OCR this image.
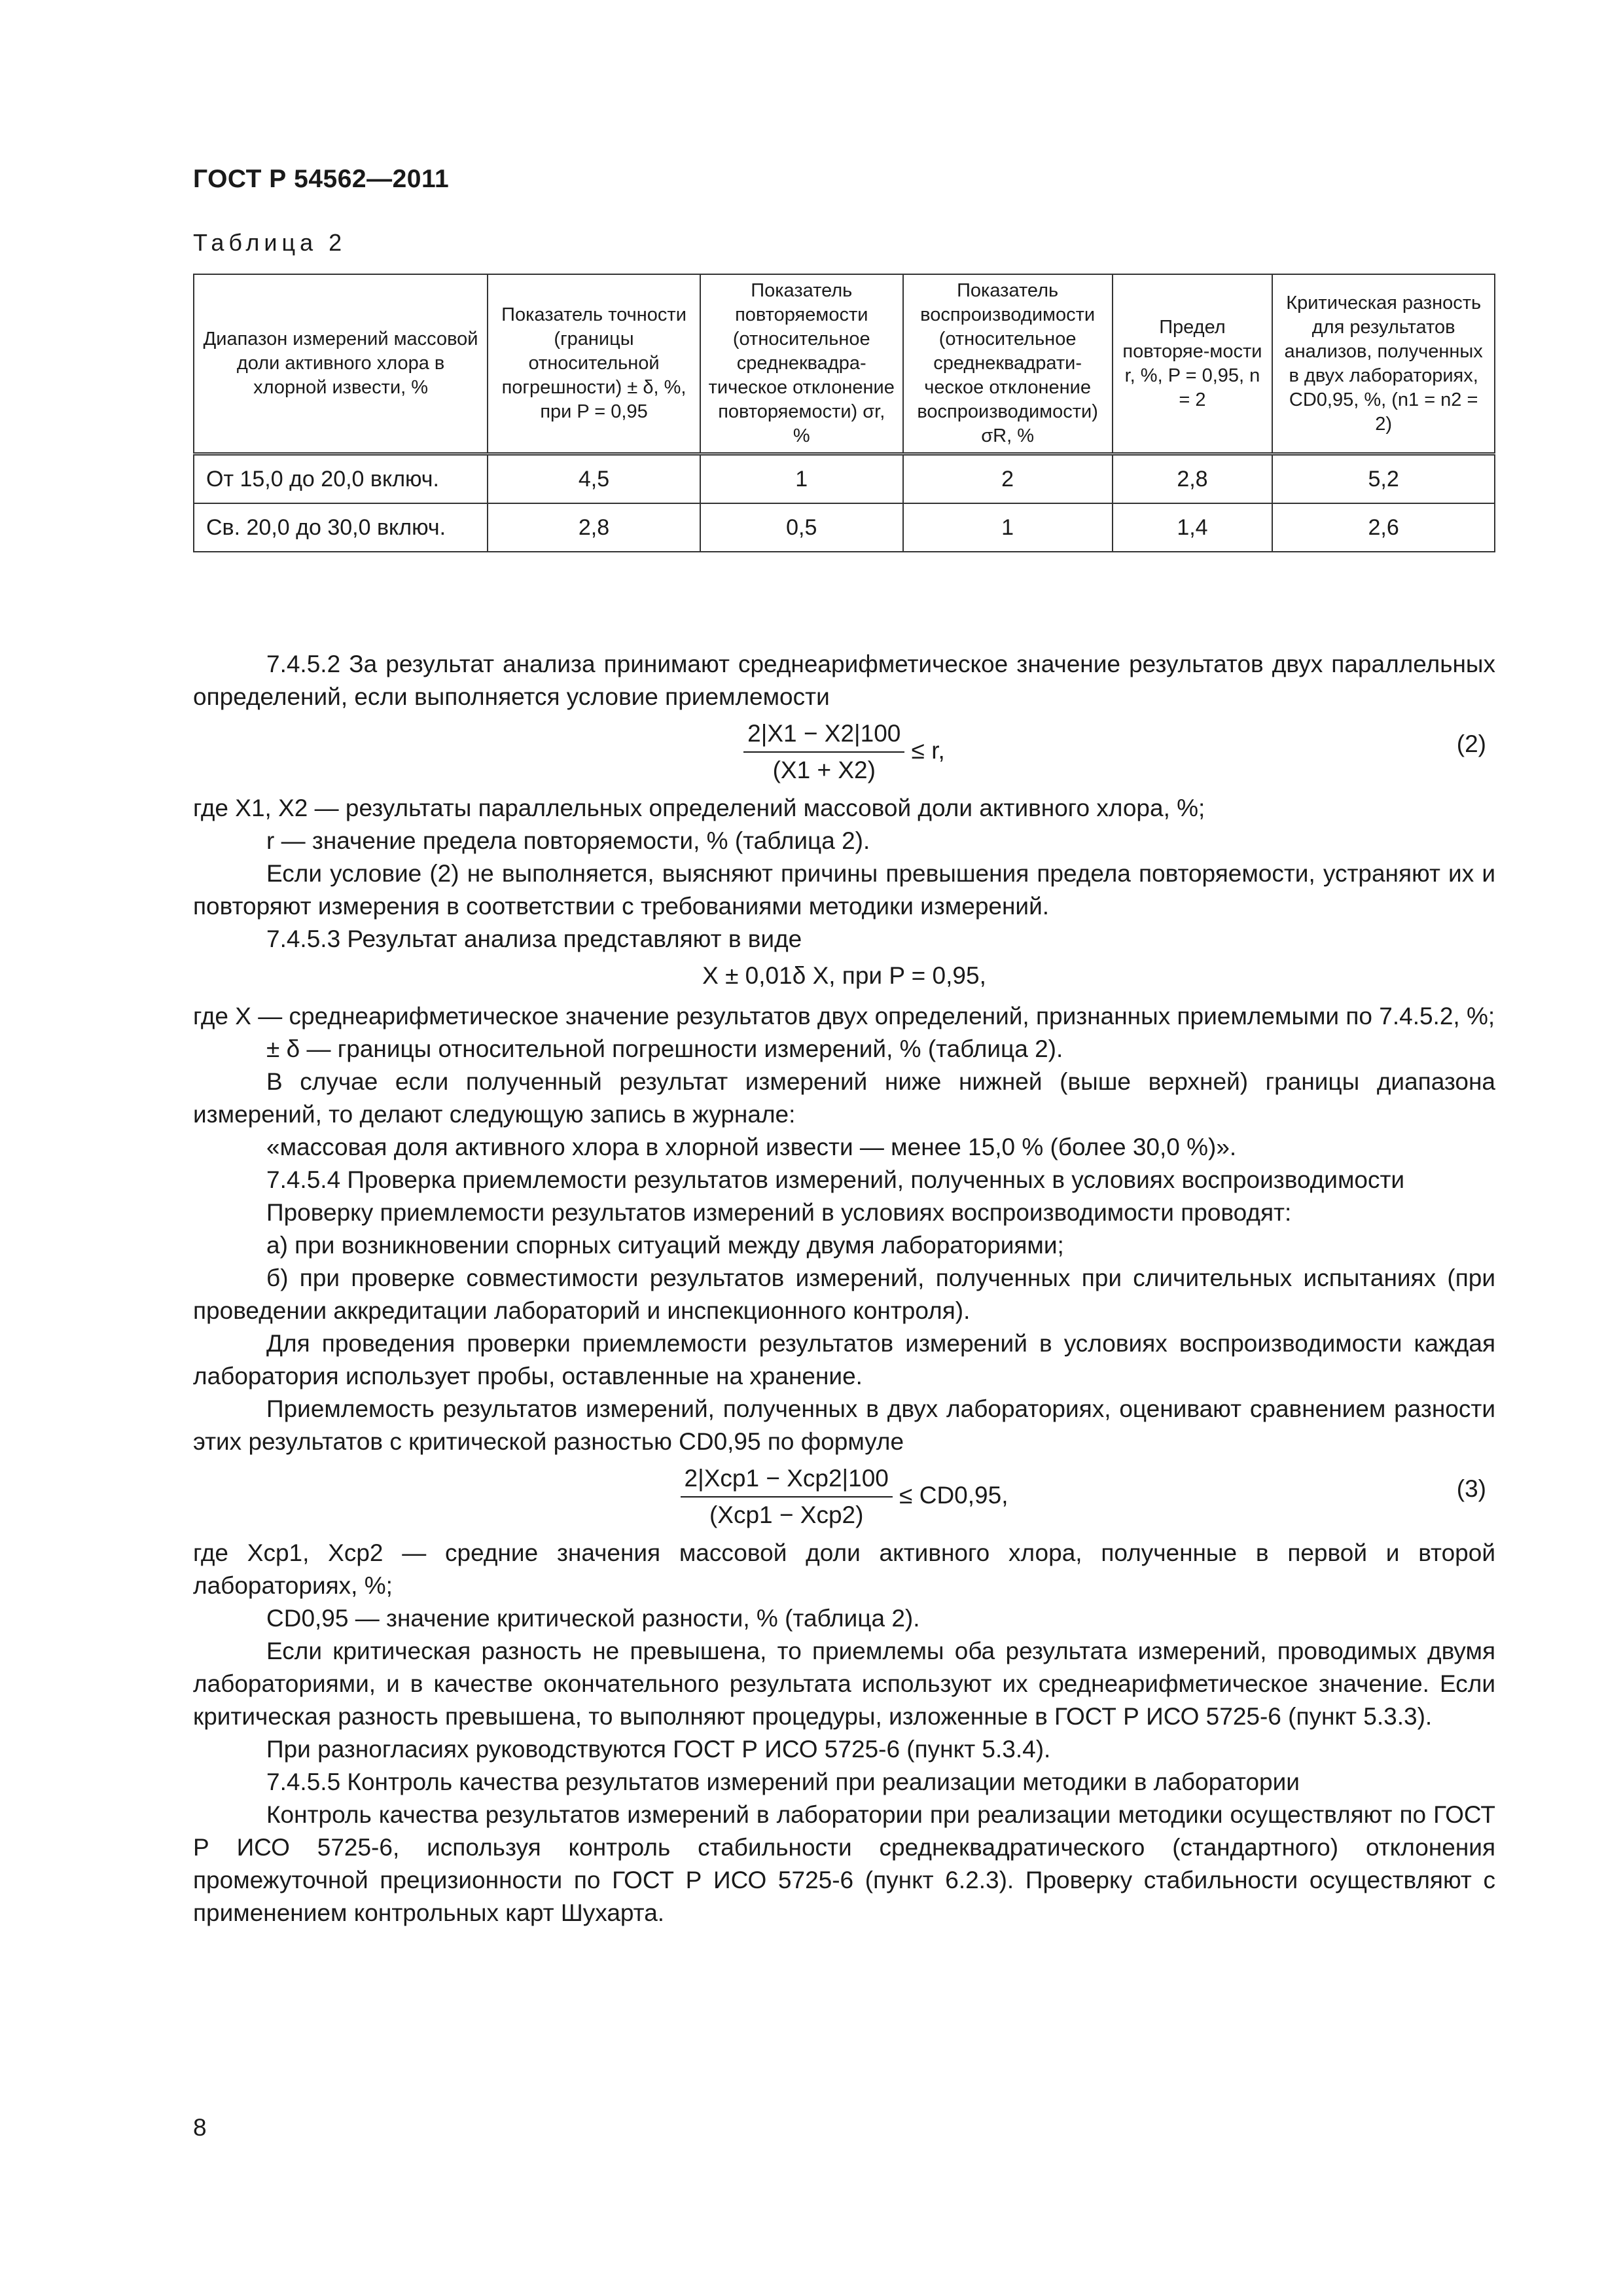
ГОСТ Р 54562—2011
Таблица 2
Диапазон измерений массовой доли активного хлора в хлорной извести, %	Показатель точности (границы относительной погрешности) ± δ, %, при P = 0,95	Показатель повторяемости (относительное среднеквадра-тическое отклонение повторяемости) σr, %	Показатель воспроизводимости (относительное среднеквадрати-ческое отклонение воспроизводимости) σR, %	Предел повторяе-мости r, %, P = 0,95, n = 2	Критическая разность для результатов анализов, полученных в двух лабораториях, CD0,95, %, (n1 = n2 = 2)
От 15,0 до 20,0 включ.	4,5	1	2	2,8	5,2
Св. 20,0 до 30,0 включ.	2,8	0,5	1	1,4	2,6

7.4.5.2 За результат анализа принимают среднеарифметическое значение результатов двух параллельных определений, если выполняется условие приемлемости

$\frac{2|X1 - X2|100}{(X1 + X2)} \le r$,	(2)

где X1, X2 — результаты параллельных определений массовой доли активного хлора, %;

r — значение предела повторяемости, % (таблица 2).

Если условие (2) не выполняется, выясняют причины превышения предела повторяемости, устраняют их и повторяют измерения в соответствии с требованиями методики измерений.

7.4.5.3 Результат анализа представляют в виде

X ± 0,01δ X, при P = 0,95,

где X — среднеарифметическое значение результатов двух определений, признанных приемлемыми по 7.4.5.2, %;

± δ — границы относительной погрешности измерений, % (таблица 2).

В случае если полученный результат измерений ниже нижней (выше верхней) границы диапазона измерений, то делают следующую запись в журнале:

«массовая доля активного хлора в хлорной извести — менее 15,0 % (более 30,0 %)».

7.4.5.4 Проверка приемлемости результатов измерений, полученных в условиях воспроизводимости

Проверку приемлемости результатов измерений в условиях воспроизводимости проводят:

а) при возникновении спорных ситуаций между двумя лабораториями;

б) при проверке совместимости результатов измерений, полученных при сличительных испытаниях (при проведении аккредитации лабораторий и инспекционного контроля).

Для проведения проверки приемлемости результатов измерений в условиях воспроизводимости каждая лаборатория использует пробы, оставленные на хранение.

Приемлемость результатов измерений, полученных в двух лабораториях, оценивают сравнением разности этих результатов с критической разностью CD0,95 по формуле

$\frac{\text{2|Xср1 − Xср2|100}}{\text{(Xср1 − Xср2)}} \le CD0,95$,	(3)

где Xср1, Xср2 — средние значения массовой доли активного хлора, полученные в первой и второй лабораториях, %;

CD0,95 — значение критической разности, % (таблица 2).

Если критическая разность не превышена, то приемлемы оба результата измерений, проводимых двумя лабораториями, и в качестве окончательного результата используют их среднеарифметическое значение. Если критическая разность превышена, то выполняют процедуры, изложенные в ГОСТ Р ИСО 5725-6 (пункт 5.3.3).

При разногласиях руководствуются ГОСТ Р ИСО 5725-6 (пункт 5.3.4).

7.4.5.5 Контроль качества результатов измерений при реализации методики в лаборатории

Контроль качества результатов измерений в лаборатории при реализации методики осуществляют по ГОСТ Р ИСО 5725-6, используя контроль стабильности среднеквадратического (стандартного) отклонения промежуточной прецизионности по ГОСТ Р ИСО 5725-6 (пункт 6.2.3). Проверку стабильности осуществляют с применением контрольных карт Шухарта.

8
